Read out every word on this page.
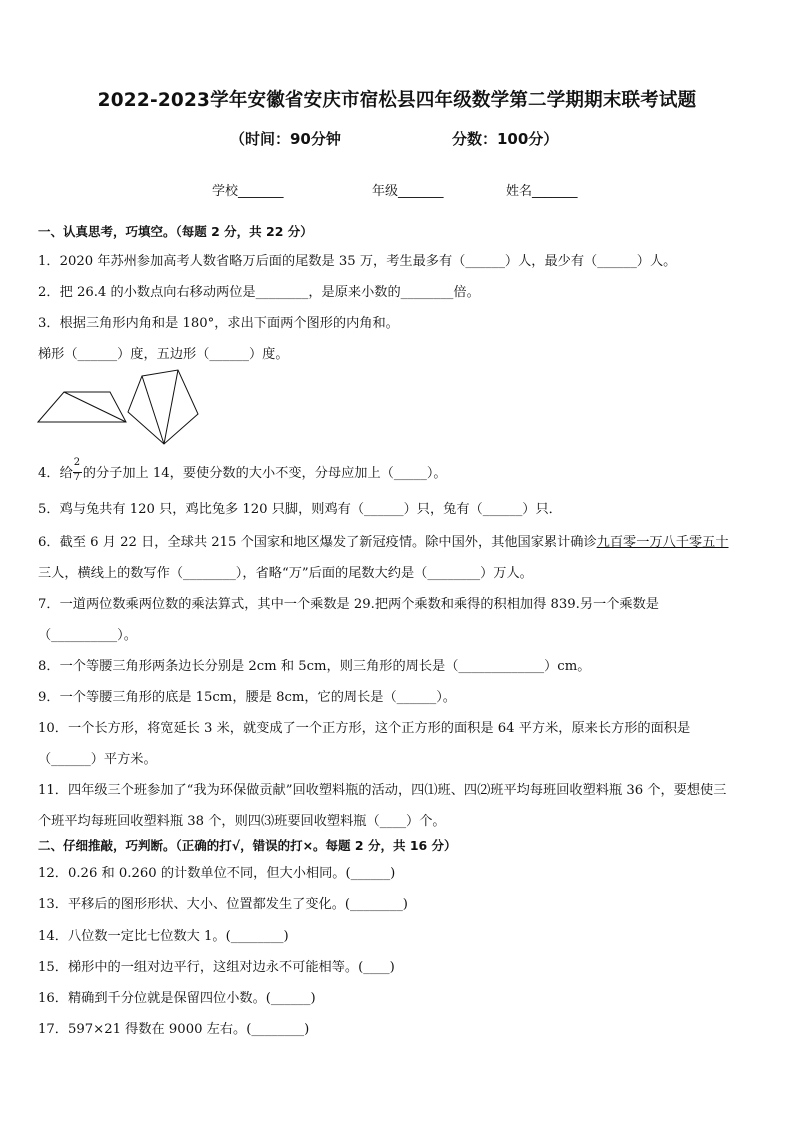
2022-2023学年安徽省安庆市宿松县四年级数学第二学期期末联考试题
（时间：90分钟	分数：100分）
学校_______	年级_______	姓名_______
一、认真思考，巧填空。（每题 2 分，共 22 分）
1．2020 年苏州参加高考人数省略万后面的尾数是 35 万，考生最多有（______）人，最少有（______）人。
2．把 26.4 的小数点向右移动两位是________，是原来小数的________倍。
3．根据三角形内角和是 180°，求出下面两个图形的内角和。
梯形（______）度，五边形（______）度。
4．给 $\frac{2}{7}$ 的分子加上 14，要使分数的大小不变，分母应加上（_____）。
5．鸡与兔共有 120 只，鸡比兔多 120 只脚，则鸡有（______）只，兔有（______）只．
6．截至 6 月 22 日，全球共 215 个国家和地区爆发了新冠疫情。除中国外，其他国家累计确诊九百零一万八千零五十
三人，横线上的数写作（________），省略“万”后面的尾数大约是（________）万人。
7．一道两位数乘两位数的乘法算式，其中一个乘数是 29.把两个乘数和乘得的积相加得 839.另一个乘数是
（__________）。
8．一个等腰三角形两条边长分别是 2cm 和 5cm，则三角形的周长是（_____________）cm。
9．一个等腰三角形的底是 15cm，腰是 8cm，它的周长是（______）。
10．一个长方形，将宽延长 3 米，就变成了一个正方形，这个正方形的面积是 64 平方米，原来长方形的面积是
（______）平方米。
11．四年级三个班参加了“我为环保做贡献”回收塑料瓶的活动，四⑴班、四⑵班平均每班回收塑料瓶 36 个，要想使三
个班平均每班回收塑料瓶 38 个，则四⑶班要回收塑料瓶（____）个。
二、仔细推敲，巧判断。（正确的打√，错误的打×。每题 2 分，共 16 分）
12．0.26 和 0.260 的计数单位不同，但大小相同。(______)
13．平移后的图形形状、大小、位置都发生了变化。(________)
14．八位数一定比七位数大 1。(________)
15．梯形中的一组对边平行，这组对边永不可能相等。(____)
16．精确到千分位就是保留四位小数。(______)
17．597×21 得数在 9000 左右。(________)
